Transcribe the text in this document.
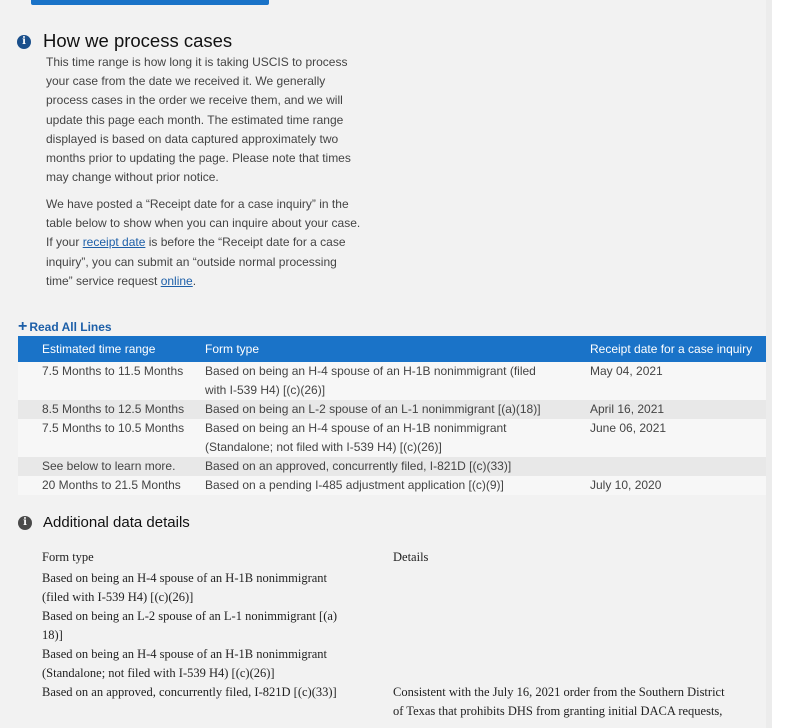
i How we process cases
This time range is how long it is taking USCIS to process
your case from the date we received it. We generally
process cases in the order we receive them, and we will
update this page each month. The estimated time range
displayed is based on data captured approximately two
months prior to updating the page. Please note that times
may change without prior notice.
We have posted a “Receipt date for a case inquiry” in the
table below to show when you can inquire about your case.
If your receipt date is before the “Receipt date for a case
inquiry”, you can submit an “outside normal processing
time” service request online.
+ Read All Lines
Estimated time range	Form type	Receipt date for a case inquiry
7.5 Months to 11.5 Months	Based on being an H-4 spouse of an H-1B nonimmigrant (filed
with I-539 H4) [(c)(26)]	May 04, 2021
8.5 Months to 12.5 Months	Based on being an L-2 spouse of an L-1 nonimmigrant [(a)(18)]	April 16, 2021
7.5 Months to 10.5 Months	Based on being an H-4 spouse of an H-1B nonimmigrant
(Standalone; not filed with I-539 H4) [(c)(26)]	June 06, 2021
See below to learn more.	Based on an approved, concurrently filed, I-821D [(c)(33)]	
20 Months to 21.5 Months	Based on a pending I-485 adjustment application [(c)(9)]	July 10, 2020
i	Additional data details
Form type	Details
Based on being an H-4 spouse of an H-1B nonimmigrant
(filed with I-539 H4) [(c)(26)]
Based on being an L-2 spouse of an L-1 nonimmigrant [(a)
18)]
Based on being an H-4 spouse of an H-1B nonimmigrant
(Standalone; not filed with I-539 H4) [(c)(26)]
Based on an approved, concurrently filed, I-821D [(c)(33)]	Consistent with the July 16, 2021 order from the Southern District
of Texas that prohibits DHS from granting initial DACA requests,
